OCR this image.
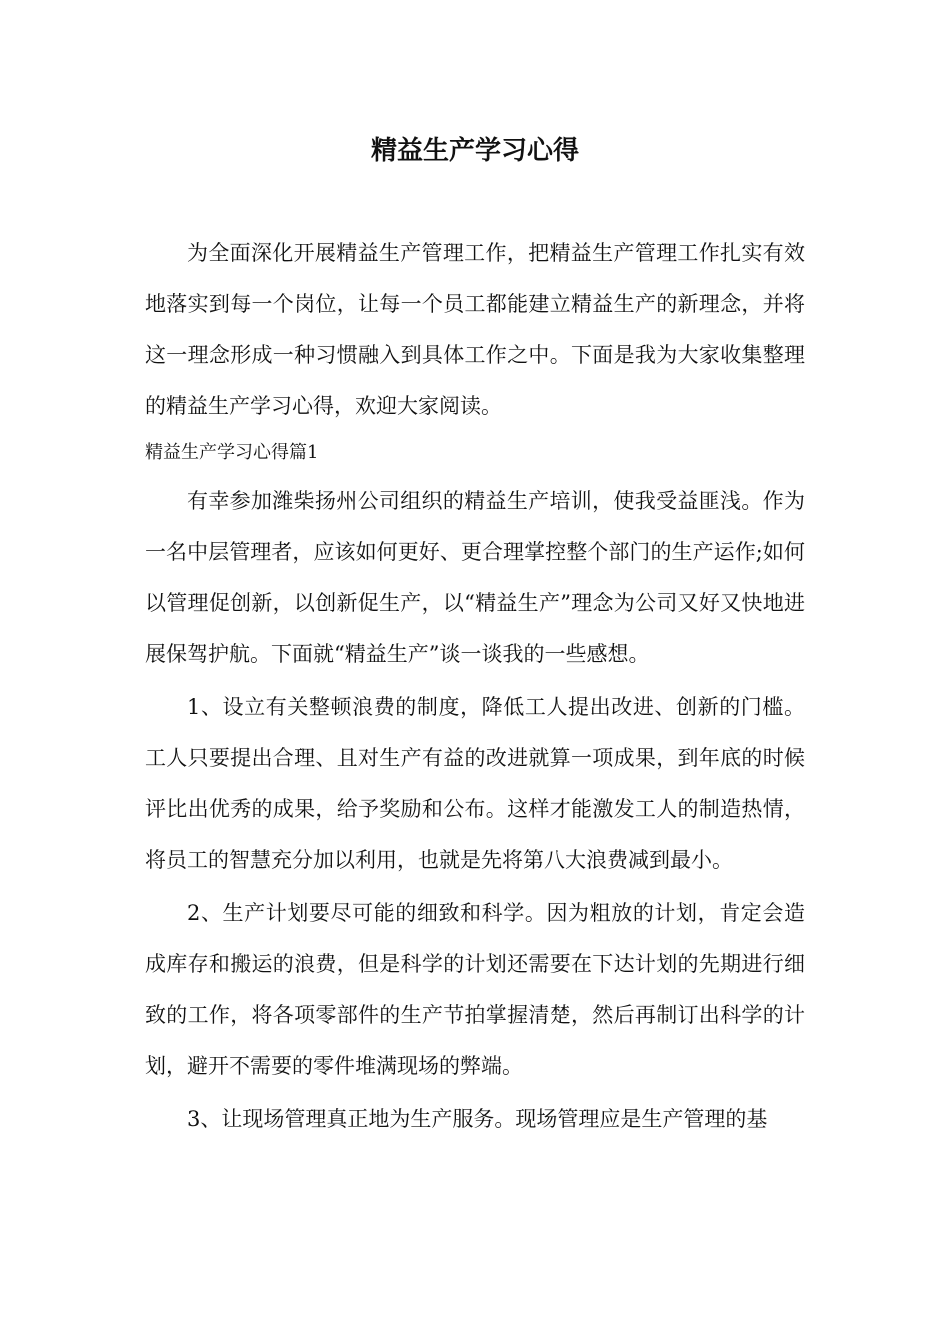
精益生产学习心得

为全面深化开展精益生产管理工作，把精益生产管理工作扎实有效地落实到每一个岗位，让每一个员工都能建立精益生产的新理念，并将这一理念形成一种习惯融入到具体工作之中。下面是我为大家收集整理的精益生产学习心得，欢迎大家阅读。

精益生产学习心得篇1

有幸参加潍柴扬州公司组织的精益生产培训，使我受益匪浅。作为一名中层管理者，应该如何更好、更合理掌控整个部门的生产运作;如何以管理促创新，以创新促生产，以“精益生产”理念为公司又好又快地进展保驾护航。下面就“精益生产”谈一谈我的一些感想。

1、设立有关整顿浪费的制度，降低工人提出改进、创新的门槛。工人只要提出合理、且对生产有益的改进就算一项成果，到年底的时候评比出优秀的成果，给予奖励和公布。这样才能激发工人的制造热情，将员工的智慧充分加以利用，也就是先将第八大浪费减到最小。

2、生产计划要尽可能的细致和科学。因为粗放的计划，肯定会造成库存和搬运的浪费，但是科学的计划还需要在下达计划的先期进行细致的工作，将各项零部件的生产节拍掌握清楚，然后再制订出科学的计划，避开不需要的零件堆满现场的弊端。

3、让现场管理真正地为生产服务。现场管理应是生产管理的基
